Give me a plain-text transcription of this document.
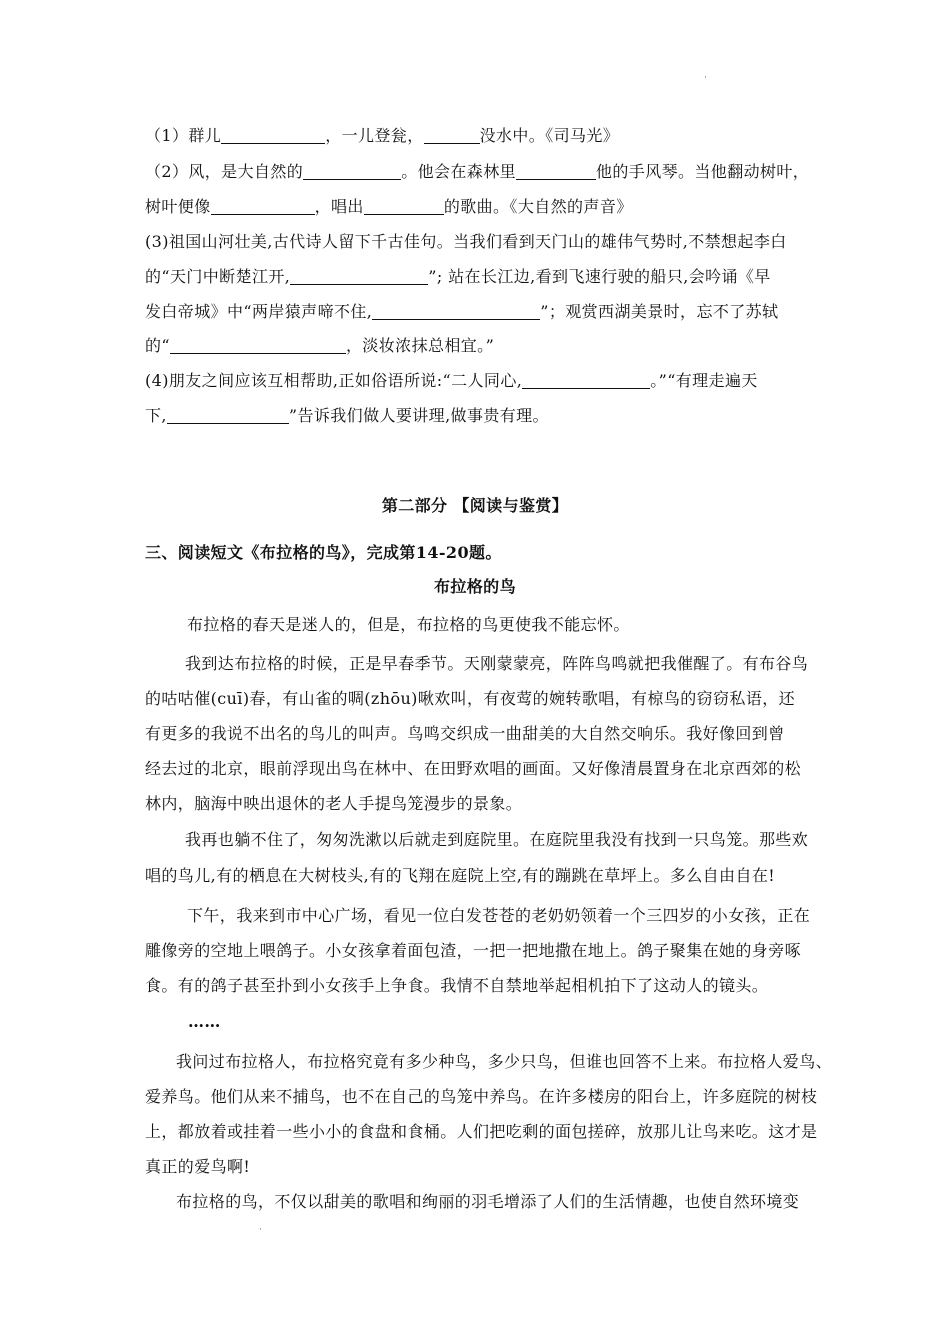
˙
（1）群儿	，一儿登瓮，	没水中。《司马光》
（2）风，是大自然的	。他会在森林里	他的手风琴。当他翻动树叶，
树叶便像	，唱出	的歌曲。《大自然的声音》
(3)祖国山河壮美,古代诗人留下千古佳句。当我们看到天门山的雄伟气势时,不禁想起李白
的“天门中断楚江开,	”; 站在长江边,看到飞速行驶的船只,会吟诵《早
发白帝城》中“两岸猿声啼不住,	”；观赏西湖美景时，忘不了苏轼
的“	，淡妆浓抹总相宜。”
(4)朋友之间应该互相帮助,正如俗语所说:“二人同心,	。”“有理走遍天
下,	”告诉我们做人要讲理,做事贵有理。
第二部分 【阅读与鉴赏】
三、阅读短文《布拉格的鸟》，完成第14-20题。
布拉格的鸟
布拉格的春天是迷人的，但是，布拉格的鸟更使我不能忘怀。
我到达布拉格的时候，正是早春季节。天刚蒙蒙亮，阵阵鸟鸣就把我催醒了。有布谷鸟
的咕咕催(cuī)春，有山雀的啁(zhōu)啾欢叫，有夜莺的婉转歌唱，有椋鸟的窃窃私语，还
有更多的我说不出名的鸟儿的叫声。鸟鸣交织成一曲甜美的大自然交响乐。我好像回到曾
经去过的北京，眼前浮现出鸟在林中、在田野欢唱的画面。又好像清晨置身在北京西郊的松
林内，脑海中映出退休的老人手提鸟笼漫步的景象。
我再也躺不住了，匆匆洗漱以后就走到庭院里。在庭院里我没有找到一只鸟笼。那些欢
唱的鸟儿,有的栖息在大树枝头,有的飞翔在庭院上空,有的蹦跳在草坪上。多么自由自在!
下午，我来到市中心广场，看见一位白发苍苍的老奶奶领着一个三四岁的小女孩，正在
雕像旁的空地上喂鸽子。小女孩拿着面包渣，一把一把地撒在地上。鸽子聚集在她的身旁啄
食。有的鸽子甚至扑到小女孩手上争食。我情不自禁地举起相机拍下了这动人的镜头。
……
我问过布拉格人，布拉格究竟有多少种鸟，多少只鸟，但谁也回答不上来。布拉格人爱鸟、
爱养鸟。他们从来不捕鸟，也不在自己的鸟笼中养鸟。在许多楼房的阳台上，许多庭院的树枝
上，都放着或挂着一些小小的食盘和食桶。人们把吃剩的面包搓碎，放那儿让鸟来吃。这才是
真正的爱鸟啊!
布拉格的鸟，不仅以甜美的歌唱和绚丽的羽毛增添了人们的生活情趣，也使自然环境变
˙
